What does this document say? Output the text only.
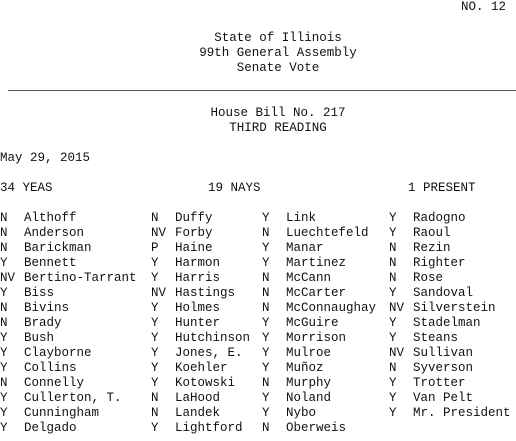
NO. 12
State of Illinois
99th General Assembly
Senate Vote
House Bill No. 217
THIRD READING
May 29, 2015
34 YEAS	19 NAYS	1 PRESENT
N Althoff	N Duffy	Y Link	Y Radogno
N Anderson	NV Forby	N Luechtefeld Y Raoul
N Barickman	P Haine	Y Manar	N Rezin
Y Bennett	Y Harmon	Y Martinez	N Righter
NV Bertino-Tarrant Y Harris	N McCann	N Rose
Y Biss	NV Hastings N McCarter	Y Sandoval
N Bivins	Y Holmes	N McConnaughay NV Silverstein
N Brady	Y Hunter	Y McGuire	Y Stadelman
Y Bush	Y Hutchinson Y Morrison	Y Steans
Y Clayborne	Y Jones, E. Y Mulroe	NV Sullivan
Y Collins	Y Koehler	Y Muñoz	N Syverson
N Connelly	Y Kotowski N Murphy	Y Trotter
Y Cullerton, T. N LaHood	Y Noland	Y Van Pelt
Y Cunningham	N Landek	Y Nybo	Y Mr. President
Y Delgado	Y Lightford N Oberweis
